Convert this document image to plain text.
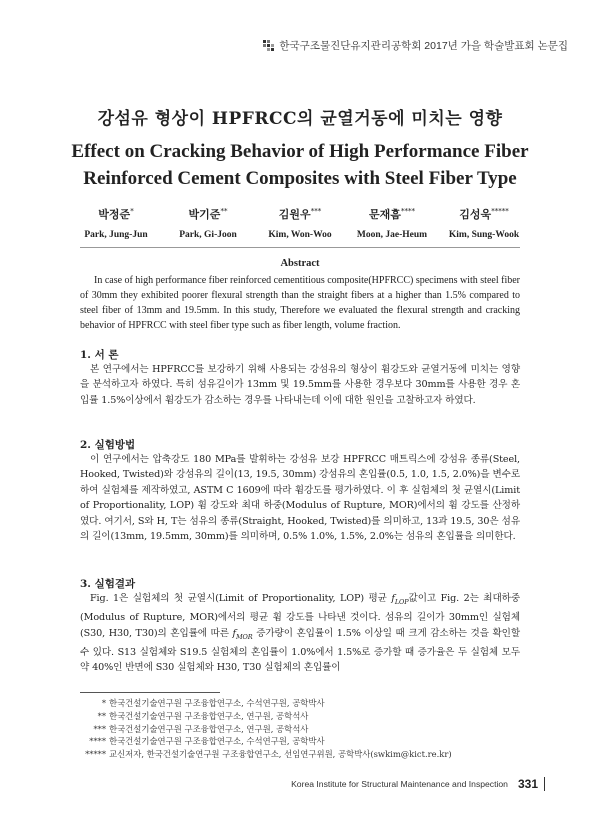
한국구조물진단유지관리공학회 2017년 가을 학술발표회 논문집
강섬유 형상이 HPFRCC의 균열거동에 미치는 영향
Effect on Cracking Behavior of High Performance Fiber
Reinforced Cement Composites with Steel Fiber Type
박정준*
Park, Jung-Jun
박기준**
Park, Gi-Joon
김원우***
Kim, Won-Woo
문재흠****
Moon, Jae-Heum
김성욱*****
Kim, Sung-Wook
Abstract
In case of high performance fiber reinforced cementitious composite(HPFRCC) specimens with steel fiber of 30mm they exhibited poorer flexural strength than the straight fibers at a higher than 1.5% compared to steel fiber of 13mm and 19.5mm. In this study, Therefore we evaluated the flexural strength and cracking behavior of HPFRCC with steel fiber type such as fiber length, volume fraction.
1. 서 론
본 연구에서는 HPFRCC를 보강하기 위해 사용되는 강섬유의 형상이 휨강도와 균열거동에 미치는 영향을 분석하고자 하였다. 특히 섬유길이가 13mm 및 19.5mm를 사용한 경우보다 30mm를 사용한 경우 혼입률 1.5%이상에서 휨강도가 감소하는 경우를 나타내는데 이에 대한 원인을 고찰하고자 하였다.
2. 실험방법
이 연구에서는 압축강도 180 MPa를 발휘하는 강섬유 보강 HPFRCC 매트릭스에 강섬유 종류(Steel, Hooked, Twisted)와 강섬유의 길이(13, 19.5, 30mm) 강섬유의 혼입률(0.5, 1.0, 1.5, 2.0%)을 변수로 하여 실험체를 제작하였고, ASTM C 1609에 따라 휨강도를 평가하였다. 이 후 실험체의 첫 균열시(Limit of Proportionality, LOP) 휨 강도와 최대 하중(Modulus of Rupture, MOR)에서의 휨 강도를 산정하였다. 여기서, S와 H, T는 섬유의 종류(Straight, Hooked, Twisted)를 의미하고, 13과 19.5, 30은 섬유의 길이(13mm, 19.5mm, 30mm)를 의미하며, 0.5% 1.0%, 1.5%, 2.0%는 섬유의 혼입률을 의미한다.
3. 실험결과
Fig. 1은 실험체의 첫 균열시(Limit of Proportionality, LOP) 평균 $f_{LOP}$값이고 Fig. 2는 최대하중(Modulus of Rupture, MOR)에서의 평균 휨 강도를 나타낸 것이다. 섬유의 길이가 30mm인 실험체(S30, H30, T30)의 혼입률에 따른 $f_{MOR}$ 증가량이 혼입률이 1.5% 이상일 때 크게 감소하는 것을 확인할 수 있다. S13 실험체와 S19.5 실험체의 혼입률이 1.0%에서 1.5%로 증가할 때 증가율은 두 실험체 모두 약 40%인 반면에 S30 실험체와 H30, T30 실험체의 혼입률이
* 한국건설기술연구원 구조융합연구소, 수석연구원, 공학박사
** 한국건설기술연구원 구조융합연구소, 연구원, 공학석사
*** 한국건설기술연구원 구조융합연구소, 연구원, 공학석사
**** 한국건설기술연구원 구조융합연구소, 수석연구원, 공학박사
***** 교신저자, 한국건설기술연구원 구조융합연구소, 선임연구위원, 공학박사(swkim@kict.re.kr)
Korea Institute for Structural Maintenance and Inspection 331
